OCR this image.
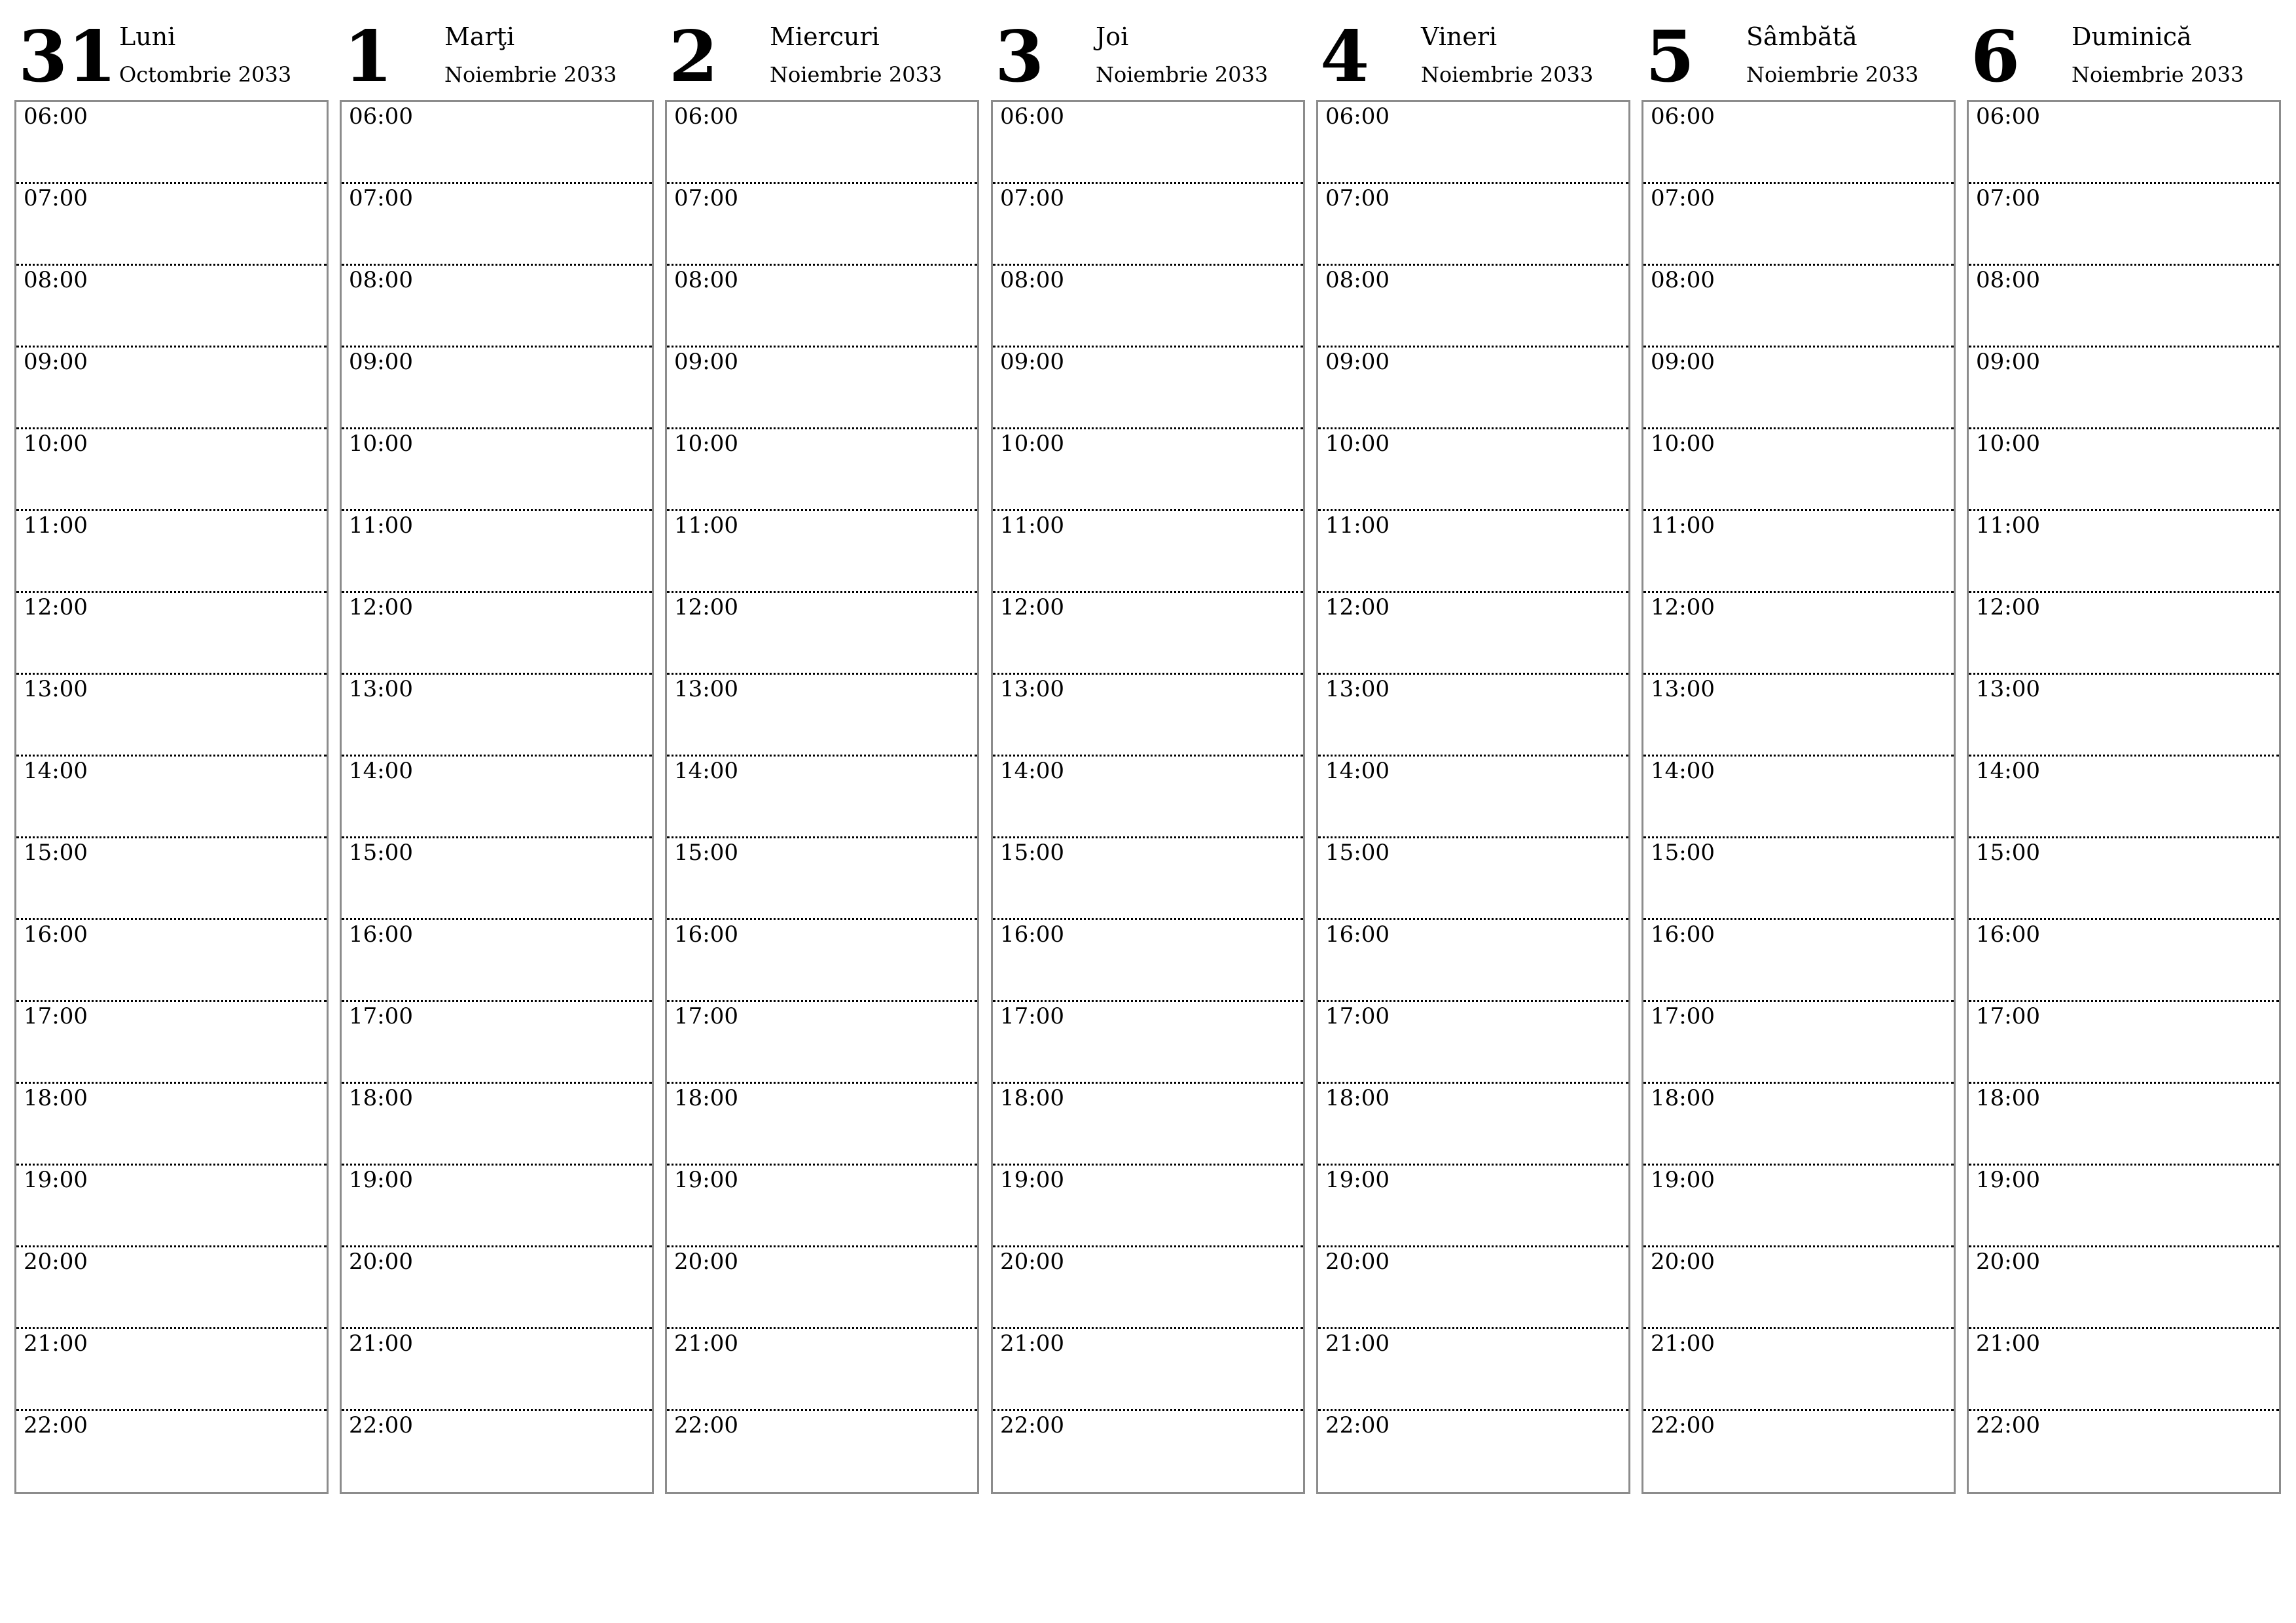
31 Luni
Octombrie 2033
06:00
07:00
08:00
09:00
10:00
11:00
12:00
13:00
14:00
15:00
16:00
17:00
18:00
19:00
20:00
21:00
22:00
1 Marţi
Noiembrie 2033
06:00
07:00
08:00
09:00
10:00
11:00
12:00
13:00
14:00
15:00
16:00
17:00
18:00
19:00
20:00
21:00
22:00
2 Miercuri
Noiembrie 2033
06:00
07:00
08:00
09:00
10:00
11:00
12:00
13:00
14:00
15:00
16:00
17:00
18:00
19:00
20:00
21:00
22:00
3 Joi
Noiembrie 2033
06:00
07:00
08:00
09:00
10:00
11:00
12:00
13:00
14:00
15:00
16:00
17:00
18:00
19:00
20:00
21:00
22:00
4 Vineri
Noiembrie 2033
06:00
07:00
08:00
09:00
10:00
11:00
12:00
13:00
14:00
15:00
16:00
17:00
18:00
19:00
20:00
21:00
22:00
5 Sâmbătă
Noiembrie 2033
06:00
07:00
08:00
09:00
10:00
11:00
12:00
13:00
14:00
15:00
16:00
17:00
18:00
19:00
20:00
21:00
22:00
6 Duminică
Noiembrie 2033
06:00
07:00
08:00
09:00
10:00
11:00
12:00
13:00
14:00
15:00
16:00
17:00
18:00
19:00
20:00
21:00
22:00
